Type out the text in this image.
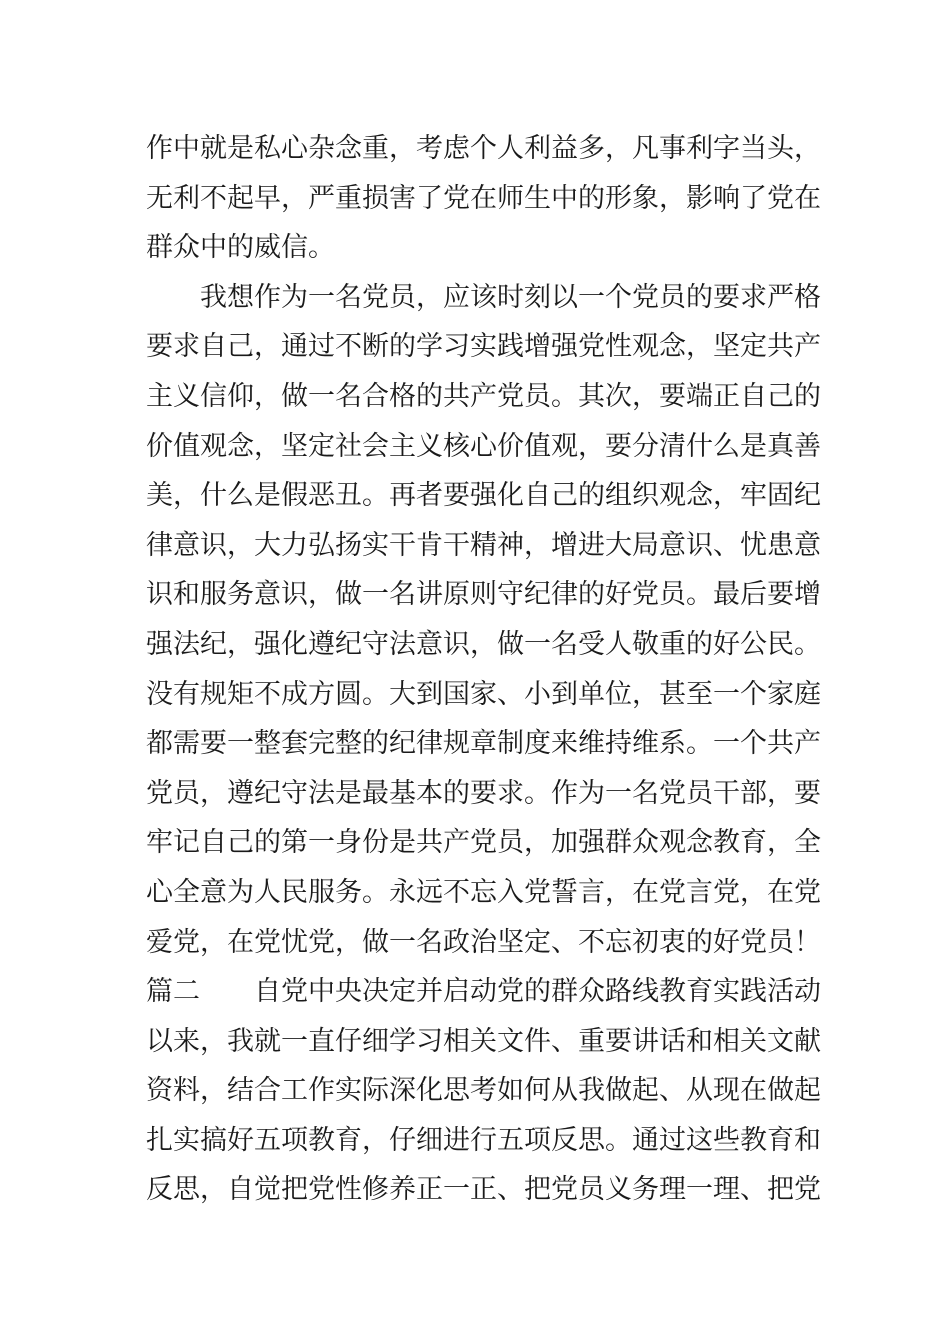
作中就是私心杂念重，考虑个人利益多，凡事利字当头，
无利不起早，严重损害了党在师生中的形象，影响了党在
群众中的威信。
我想作为一名党员，应该时刻以一个党员的要求严格
要求自己，通过不断的学习实践增强党性观念，坚定共产
主义信仰，做一名合格的共产党员。其次，要端正自己的
价值观念，坚定社会主义核心价值观，要分清什么是真善
美，什么是假恶丑。再者要强化自己的组织观念，牢固纪
律意识，大力弘扬实干肯干精神，增进大局意识、忧患意
识和服务意识，做一名讲原则守纪律的好党员。最后要增
强法纪，强化遵纪守法意识，做一名受人敬重的好公民。
没有规矩不成方圆。大到国家、小到单位，甚至一个家庭
都需要一整套完整的纪律规章制度来维持维系。一个共产
党员，遵纪守法是最基本的要求。作为一名党员干部，要
牢记自己的第一身份是共产党员，加强群众观念教育，全
心全意为人民服务。永远不忘入党誓言，在党言党，在党
爱党，在党忧党，做一名政治坚定、不忘初衷的好党员！
篇二 自党中央决定并启动党的群众路线教育实践活动
以来，我就一直仔细学习相关文件、重要讲话和相关文献
资料，结合工作实际深化思考如何从我做起、从现在做起
扎实搞好五项教育，仔细进行五项反思。通过这些教育和
反思，自觉把党性修养正一正、把党员义务理一理、把党
